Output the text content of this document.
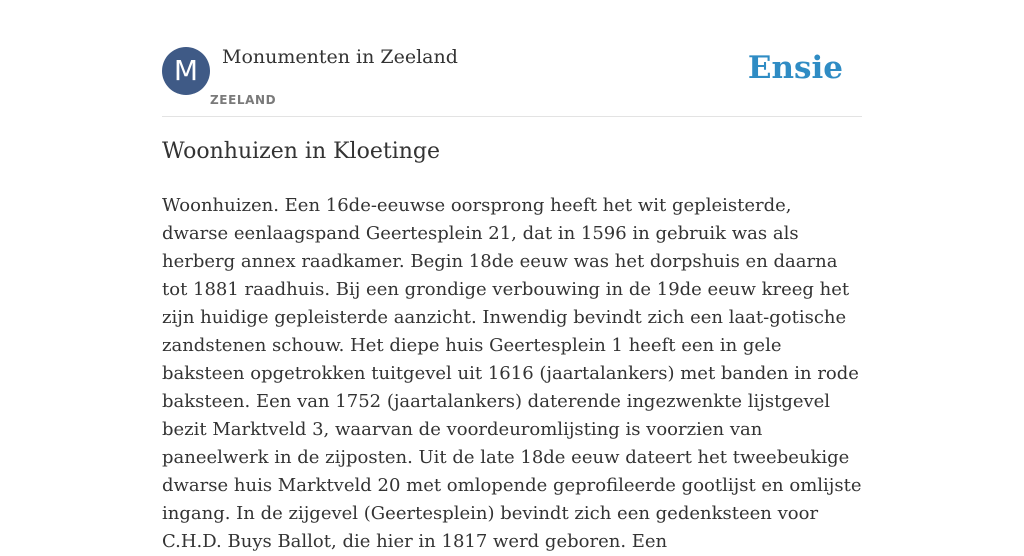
M	Monumenten in Zeeland
ZEELAND
Ensie
Woonhuizen in Kloetinge

Woonhuizen. Een 16de-eeuwse oorsprong heeft het wit gepleisterde, dwarse eenlaagspand Geertesplein 21, dat in 1596 in gebruik was als herberg annex raadkamer. Begin 18de eeuw was het dorpshuis en daarna tot 1881 raadhuis. Bij een grondige verbouwing in de 19de eeuw kreeg het zijn huidige gepleisterde aanzicht. Inwendig bevindt zich een laat-gotische zandstenen schouw. Het diepe huis Geertesplein 1 heeft een in gele baksteen opgetrokken tuitgevel uit 1616 (jaartalankers) met banden in rode baksteen. Een van 1752 (jaartalankers) daterende ingezwenkte lijstgevel bezit Marktveld 3, waarvan de voordeuromlijsting is voorzien van paneelwerk in de zijposten. Uit de late 18de eeuw dateert het tweebeukige dwarse huis Marktveld 20 met omlopende geprofileerde gootlijst en omlijste ingang. In de zijgevel (Geertesplein) bevindt zich een gedenksteen voor C.H.D. Buys Ballot, die hier in 1817 werd geboren. Een
